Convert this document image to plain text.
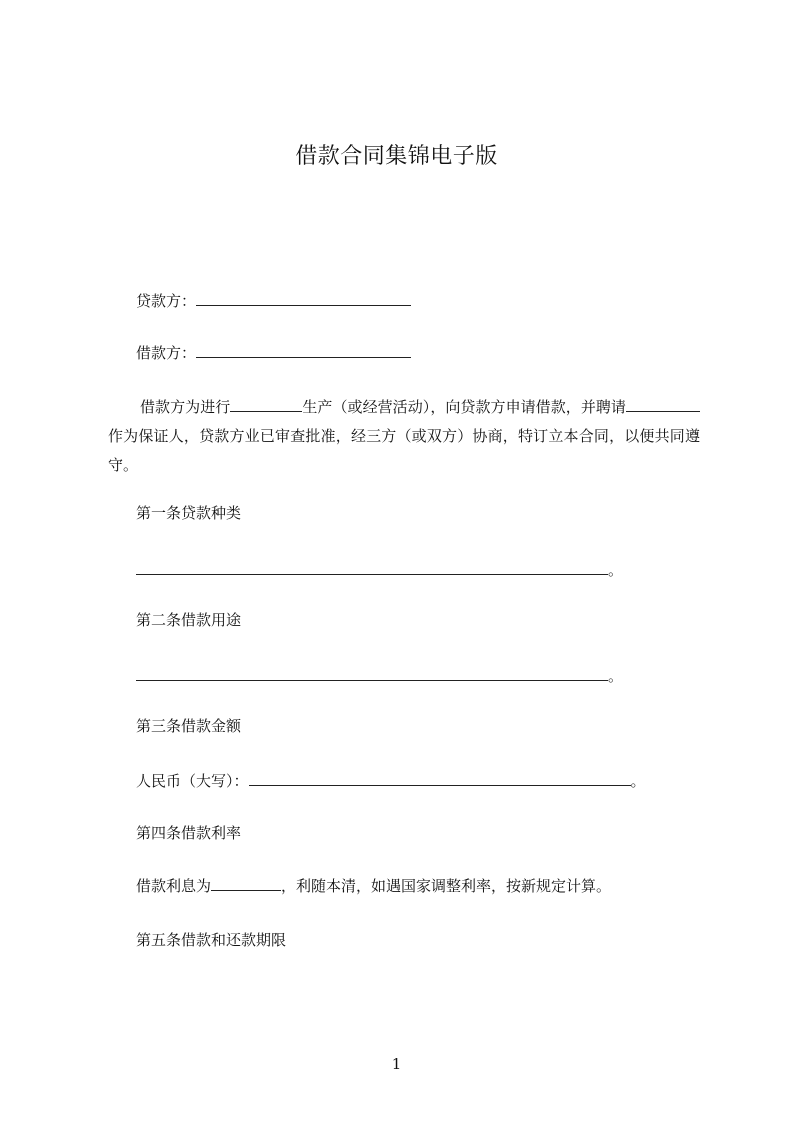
借款合同集锦电子版
贷款方：
借款方：
借款方为进行	生产（或经营活动），向贷款方申请借款，并聘请作为保证人，贷款方业已审查批准，经三方（或双方）协商，特订立本合同，以便共同遵守。
第一条贷款种类
。
第二条借款用途
。
第三条借款金额
人民币（大写）：	。
第四条借款利率
借款利息为	，利随本清，如遇国家调整利率，按新规定计算。
第五条借款和还款期限
1
